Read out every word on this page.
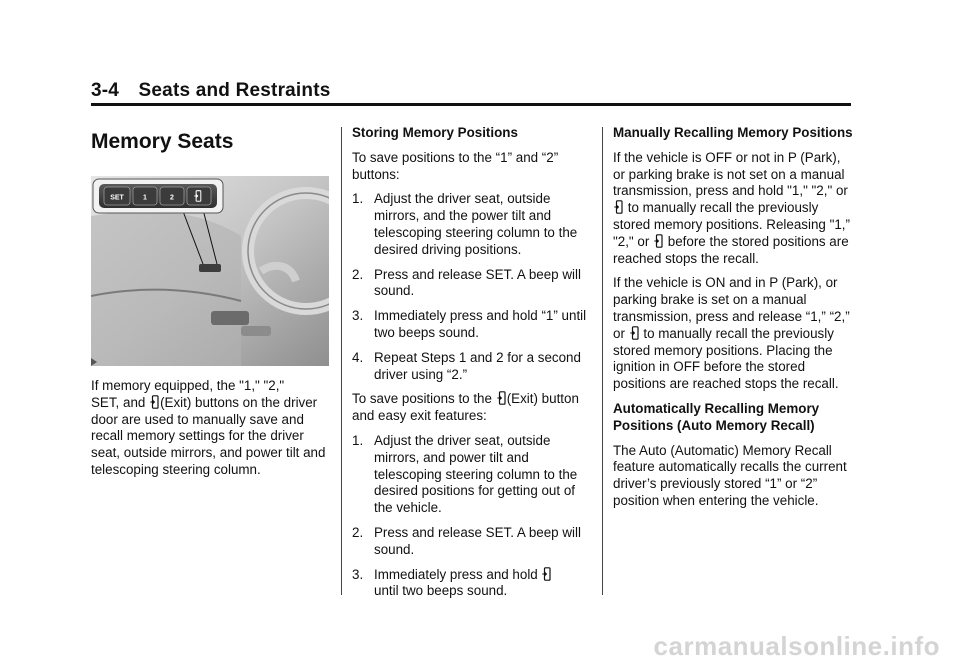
3-4 Seats and Restraints
Memory Seats
SET	1	2

If memory equipped, the "1," "2,"
SET, and (Exit) buttons on the driver door are used to manually save and recall memory settings for the driver seat, outside mirrors, and power tilt and telescoping steering column.

Storing Memory Positions

To save positions to the “1” and “2” buttons:

1. Adjust the driver seat, outside mirrors, and the power tilt and telescoping steering column to the desired driving positions.
2. Press and release SET. A beep will sound.
3. Immediately press and hold “1” until two beeps sound.
4. Repeat Steps 1 and 2 for a second driver using “2.”

To save positions to the (Exit) button and easy exit features:

1. Adjust the driver seat, outside mirrors, and power tilt and telescoping steering column to the desired positions for getting out of the vehicle.
2. Press and release SET. A beep will sound.
3. Immediately press and hold
until two beeps sound.
Manually Recalling Memory Positions

If the vehicle is OFF or not in P (Park), or parking brake is not set on a manual transmission, press and hold "1," "2," or  to manually recall the previously stored memory positions. Releasing "1,” "2," or before the stored positions are reached stops the recall.

If the vehicle is ON and in P (Park), or parking brake is set on a manual transmission, press and release “1,” “2,” or to manually recall the previously stored memory positions. Placing the ignition in OFF before the stored positions are reached stops the recall.

Automatically Recalling Memory Positions (Auto Memory Recall)

The Auto (Automatic) Memory Recall feature automatically recalls the current driver’s previously stored “1” or “2” position when entering the vehicle.

carmanualsonline.info
